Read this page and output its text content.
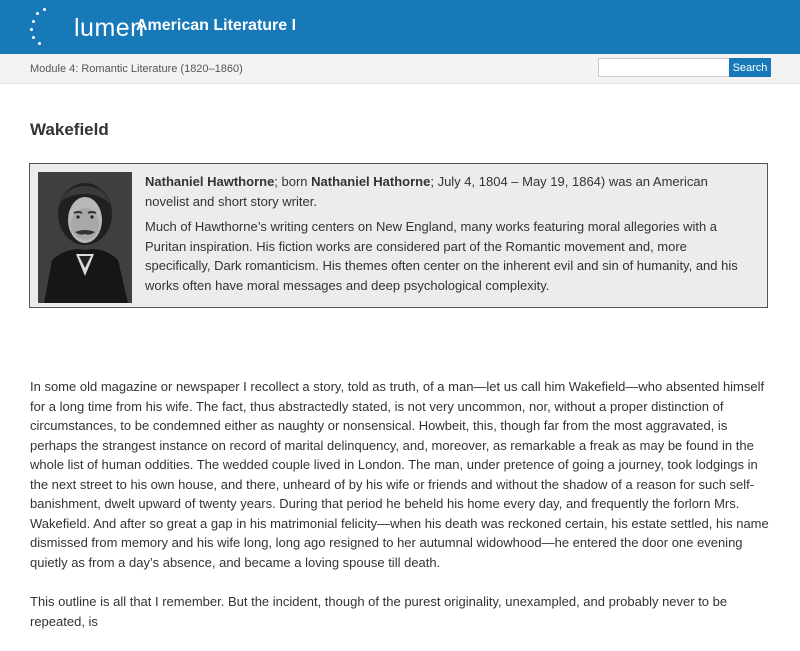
lumen
American Literature I
Module 4: Romantic Literature (1820–1860)	Search
Wakefield

Nathaniel Hawthorne; born Nathaniel Hathorne; July 4, 1804 – May 19, 1864) was an American novelist and short story writer.

Much of Hawthorne’s writing centers on New England, many works featuring moral allegories with a Puritan inspiration. His fiction works are considered part of the Romantic movement and, more specifically, Dark romanticism. His themes often center on the inherent evil and sin of humanity, and his works often have moral messages and deep psychological complexity.

In some old magazine or newspaper I recollect a story, told as truth, of a man—let us call him Wakefield—who absented himself for a long time from his wife. The fact, thus abstractedly stated, is not very uncommon, nor, without a proper distinction of circumstances, to be condemned either as naughty or nonsensical. Howbeit, this, though far from the most aggravated, is perhaps the strangest instance on record of marital delinquency, and, moreover, as remarkable a freak as may be found in the whole list of human oddities. The wedded couple lived in London. The man, under pretence of going a journey, took lodgings in the next street to his own house, and there, unheard of by his wife or friends and without the shadow of a reason for such self-banishment, dwelt upward of twenty years. During that period he beheld his home every day, and frequently the forlorn Mrs. Wakefield. And after so great a gap in his matrimonial felicity—when his death was reckoned certain, his estate settled, his name dismissed from memory and his wife long, long ago resigned to her autumnal widowhood—he entered the door one evening quietly as from a day’s absence, and became a loving spouse till death.

This outline is all that I remember. But the incident, though of the purest originality, unexampled, and probably never to be repeated, is
